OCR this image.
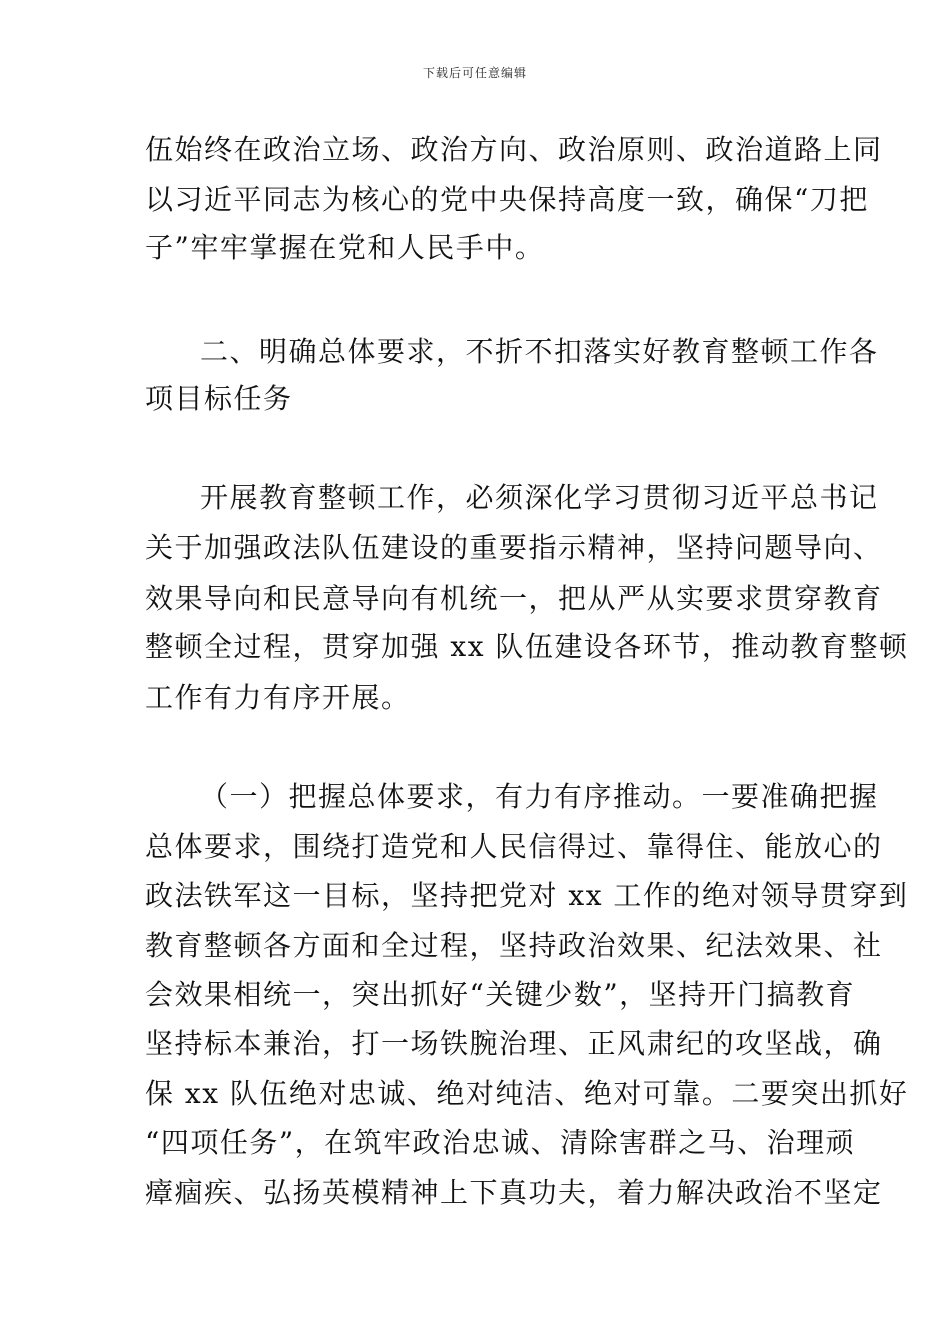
下载后可任意编辑
伍始终在政治立场、政治方向、政治原则、政治道路上同
以习近平同志为核心的党中央保持高度一致，确保“刀把
子”牢牢掌握在党和人民手中。
二、明确总体要求，不折不扣落实好教育整顿工作各
项目标任务
开展教育整顿工作，必须深化学习贯彻习近平总书记
关于加强政法队伍建设的重要指示精神，坚持问题导向、
效果导向和民意导向有机统一，把从严从实要求贯穿教育
整顿全过程，贯穿加强 xx 队伍建设各环节，推动教育整顿
工作有力有序开展。
（一）把握总体要求，有力有序推动。一要准确把握
总体要求，围绕打造党和人民信得过、靠得住、能放心的
政法铁军这一目标，坚持把党对 xx 工作的绝对领导贯穿到
教育整顿各方面和全过程，坚持政治效果、纪法效果、社
会效果相统一，突出抓好“关键少数”，坚持开门搞教育
坚持标本兼治，打一场铁腕治理、正风肃纪的攻坚战，确
保 xx 队伍绝对忠诚、绝对纯洁、绝对可靠。二要突出抓好
“四项任务”，在筑牢政治忠诚、清除害群之马、治理顽
瘴痼疾、弘扬英模精神上下真功夫，着力解决政治不坚定
